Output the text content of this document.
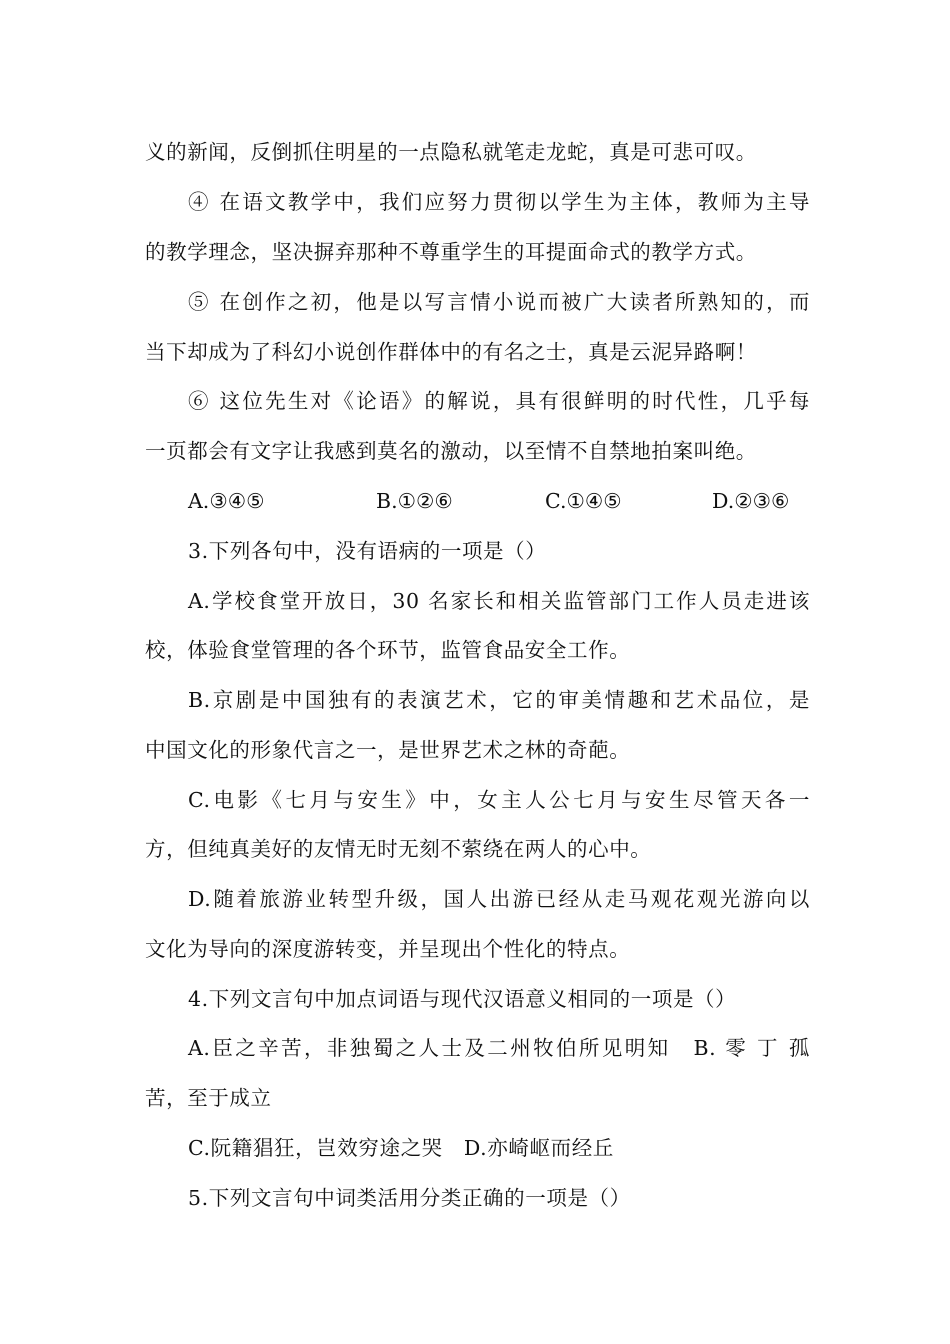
义的新闻，反倒抓住明星的一点隐私就笔走龙蛇，真是可悲可叹。
④ 在语文教学中，我们应努力贯彻以学生为主体，教师为主导
的教学理念，坚决摒弃那种不尊重学生的耳提面命式的教学方式。
⑤ 在创作之初，他是以写言情小说而被广大读者所熟知的，而
当下却成为了科幻小说创作群体中的有名之士，真是云泥异路啊！
⑥ 这位先生对《论语》的解说，具有很鲜明的时代性，几乎每
一页都会有文字让我感到莫名的激动，以至情不自禁地拍案叫绝。
A.③④⑤	B.①②⑥	C.①④⑤	D.②③⑥
3.下列各句中，没有语病的一项是（）
A.学校食堂开放日，30 名家长和相关监管部门工作人员走进该
校，体验食堂管理的各个环节，监管食品安全工作。
B.京剧是中国独有的表演艺术，它的审美情趣和艺术品位，是
中国文化的形象代言之一，是世界艺术之林的奇葩。
C.电影《七月与安生》中，女主人公七月与安生尽管天各一
方，但纯真美好的友情无时无刻不萦绕在两人的心中。
D.随着旅游业转型升级，国人出游已经从走马观花观光游向以
文化为导向的深度游转变，并呈现出个性化的特点。
4.下列文言句中加点词语与现代汉语意义相同的一项是（）
A.臣之辛苦，非独蜀之人士及二州牧伯所见明知　B. 零 丁 孤
苦，至于成立
C.阮籍猖狂，岂效穷途之哭　D.亦崎岖而经丘
5.下列文言句中词类活用分类正确的一项是（）
